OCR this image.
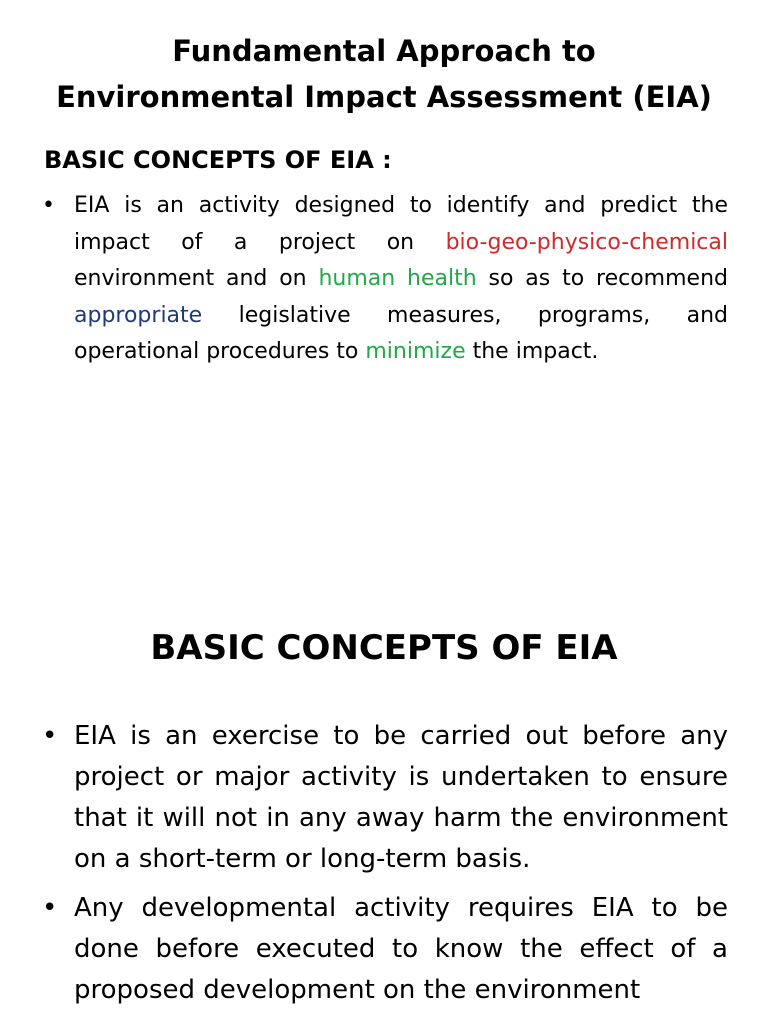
Fundamental Approach to
Environmental Impact Assessment (EIA)
BASIC CONCEPTS OF EIA :
• EIA is an activity designed to identify and predict the impact of a project on bio-geo-physico-chemical environment and on human health so as to recommend appropriate legislative measures, programs, and operational procedures to minimize the impact.
BASIC CONCEPTS OF EIA
• EIA is an exercise to be carried out before any project or major activity is undertaken to ensure that it will not in any away harm the environment on a short-term or long-term basis.
• Any developmental activity requires EIA to be done before executed to know the effect of a proposed development on the environment
